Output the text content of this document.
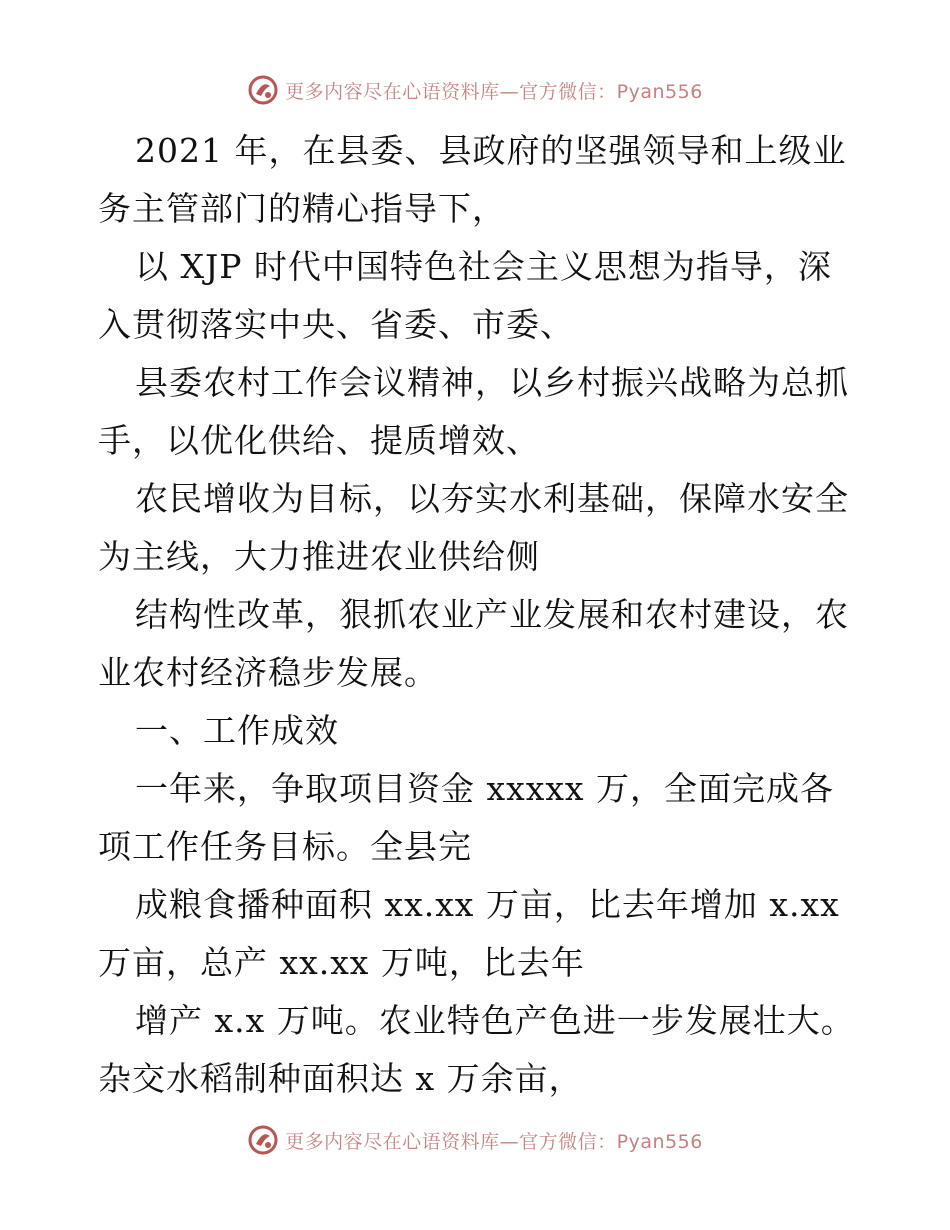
更多内容尽在心语资料库—官方微信：Pyan556

2021 年，在县委、县政府的坚强领导和上级业务主管部门的精心指导下，

以 XJP 时代中国特色社会主义思想为指导，深入贯彻落实中央、省委、市委、

县委农村工作会议精神，以乡村振兴战略为总抓手，以优化供给、提质增效、

农民增收为目标，以夯实水利基础，保障水安全为主线，大力推进农业供给侧

结构性改革，狠抓农业产业发展和农村建设，农业农村经济稳步发展。

一、工作成效

一年来，争取项目资金 xxxxx 万，全面完成各项工作任务目标。全县完

成粮食播种面积 xx.xx 万亩，比去年增加 x.xx 万亩，总产 xx.xx 万吨，比去年

增产 x.x 万吨。农业特色产色进一步发展壮大。杂交水稻制种面积达 x 万余亩，

更多内容尽在心语资料库—官方微信：Pyan556
